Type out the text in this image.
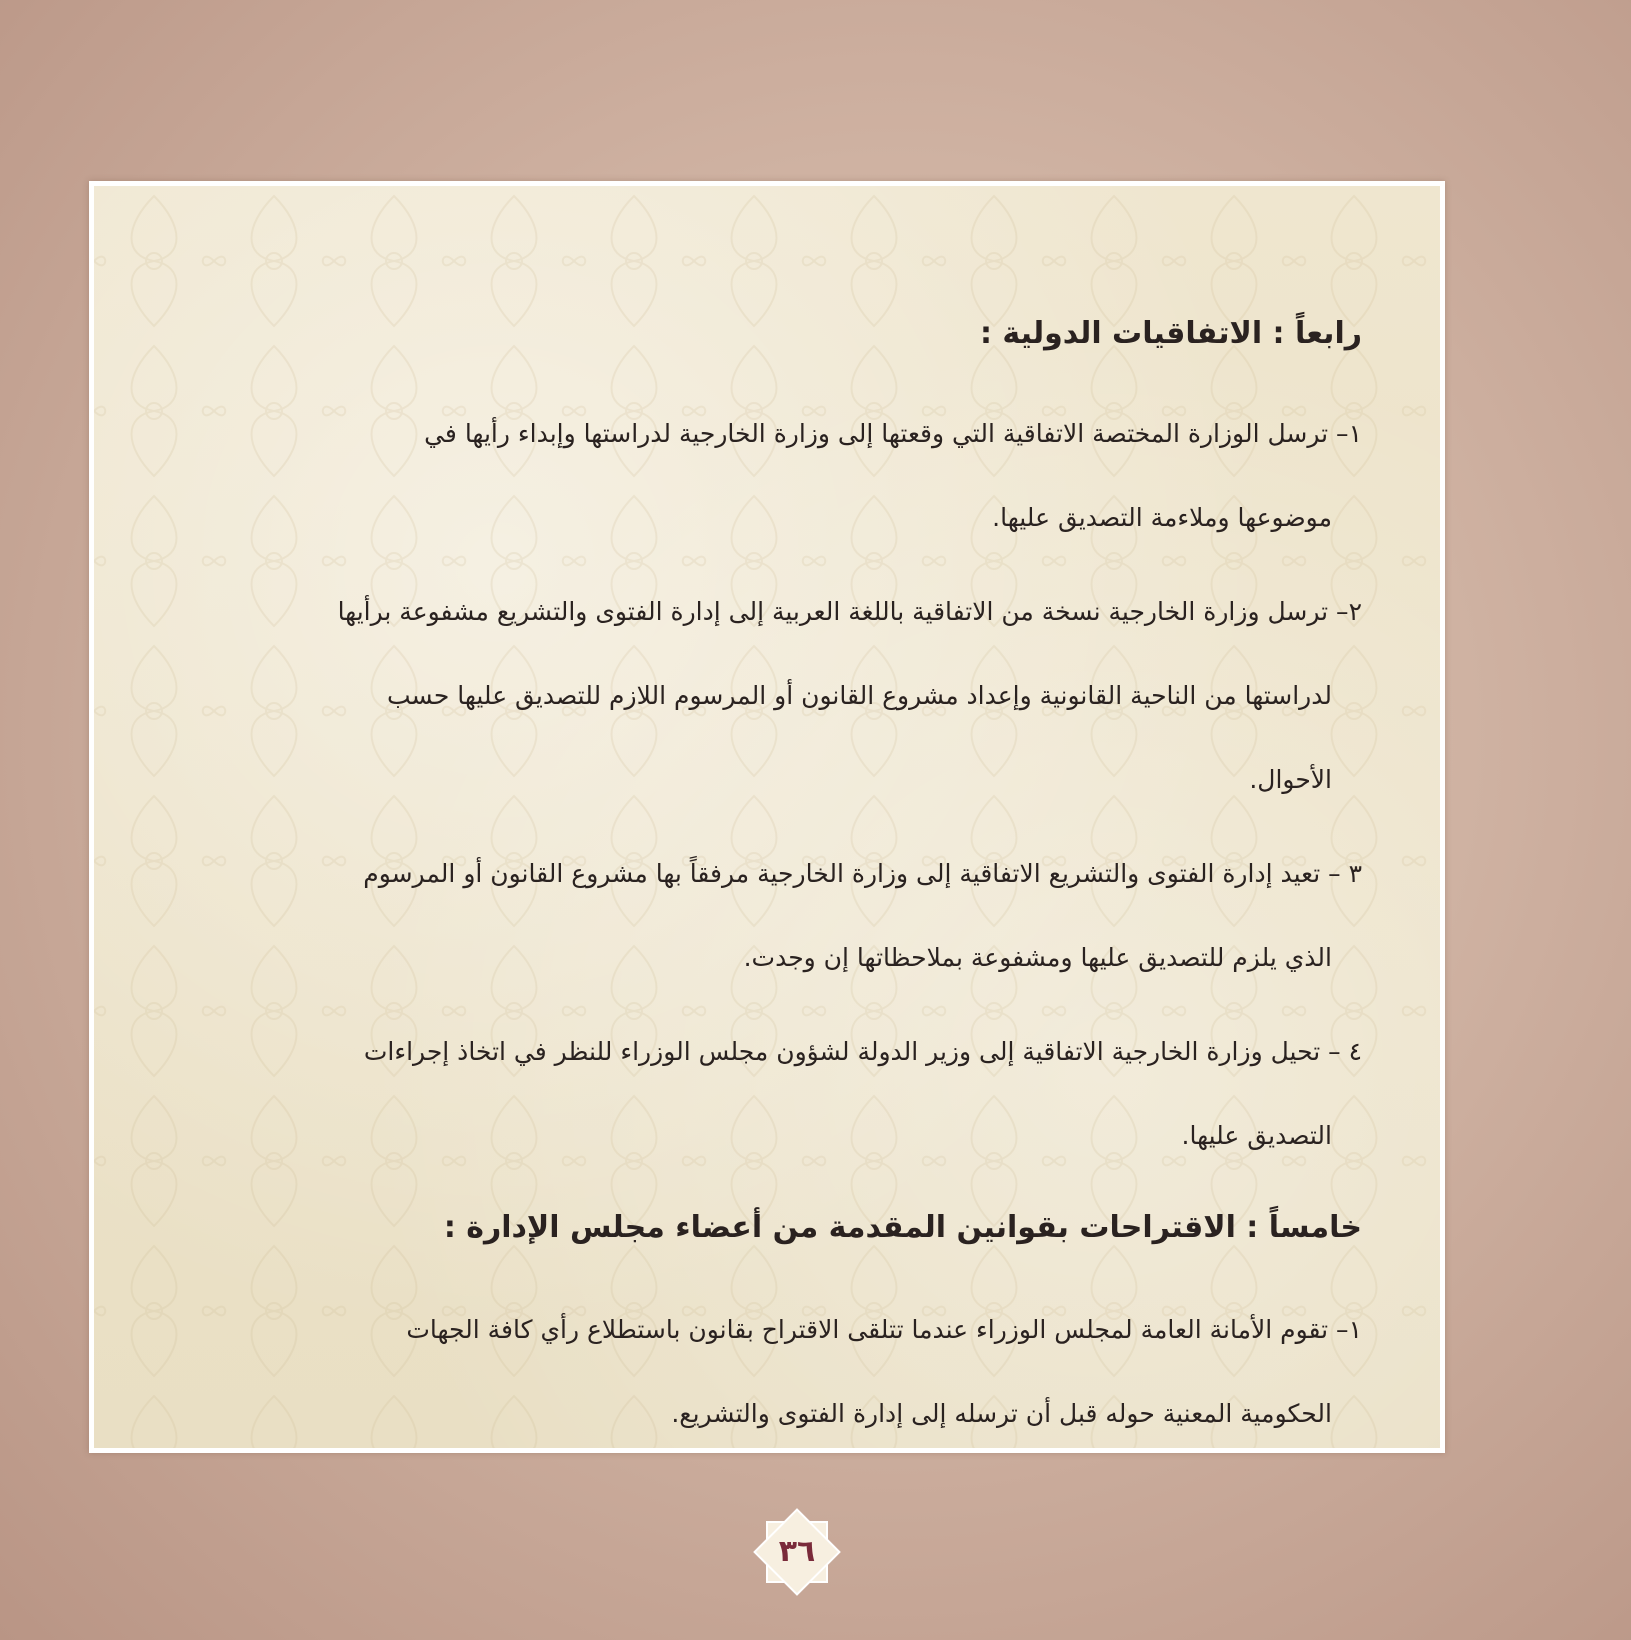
رابعاً : الاتفاقيات الدولية :

١– ترسل الوزارة المختصة الاتفاقية التي وقعتها إلى وزارة الخارجية لدراستها وإبداء رأيها في
موضوعها وملاءمة التصديق عليها.

٢– ترسل وزارة الخارجية نسخة من الاتفاقية باللغة العربية إلى إدارة الفتوى والتشريع مشفوعة برأيها
لدراستها من الناحية القانونية وإعداد مشروع القانون أو المرسوم اللازم للتصديق عليها حسب
الأحوال.

٣ – تعيد إدارة الفتوى والتشريع الاتفاقية إلى وزارة الخارجية مرفقاً بها مشروع القانون أو المرسوم
الذي يلزم للتصديق عليها ومشفوعة بملاحظاتها إن وجدت.

٤ – تحيل وزارة الخارجية الاتفاقية إلى وزير الدولة لشؤون مجلس الوزراء للنظر في اتخاذ إجراءات
التصديق عليها.

خامساً : الاقتراحات بقوانين المقدمة من أعضاء مجلس الإدارة :

١– تقوم الأمانة العامة لمجلس الوزراء عندما تتلقى الاقتراح بقانون باستطلاع رأي كافة الجهات
الحكومية المعنية حوله قبل أن ترسله إلى إدارة الفتوى والتشريع.

٣٦
